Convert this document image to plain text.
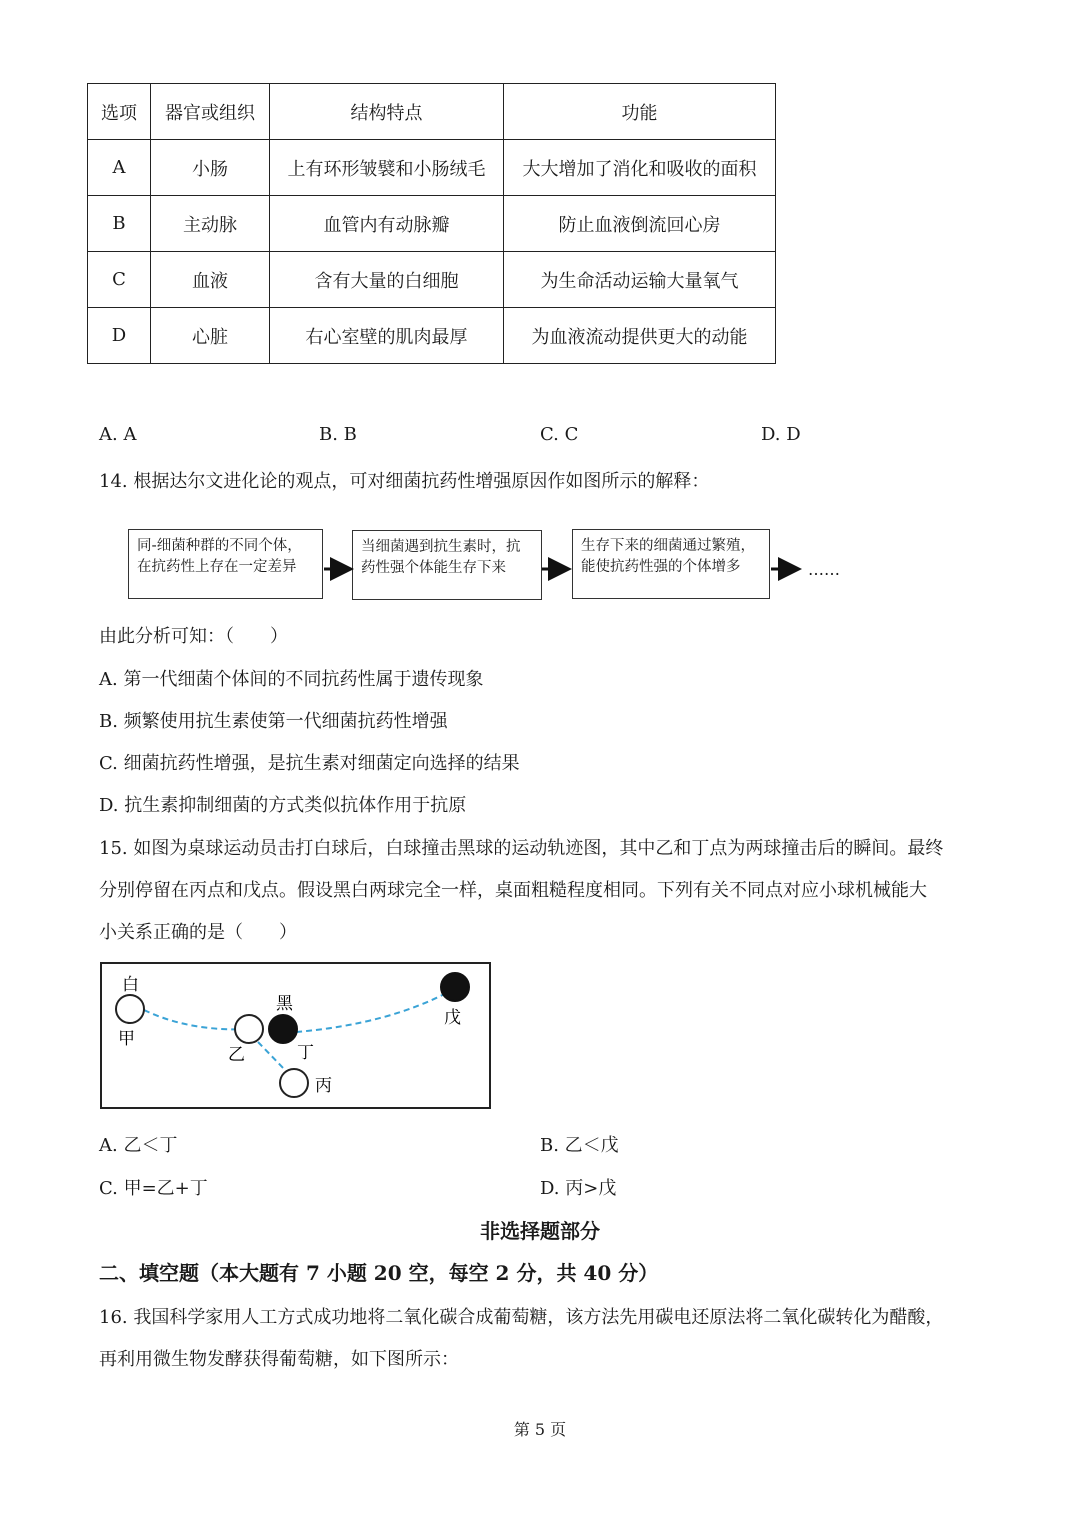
选项	器官或组织	结构特点	功能
A	小肠	上有环形皱襞和小肠绒毛	大大增加了消化和吸收的面积
B	主动脉	血管内有动脉瓣	防止血液倒流回心房
C	血液	含有大量的白细胞	为生命活动运输大量氧气
D	心脏	右心室壁的肌肉最厚	为血液流动提供更大的动能
A. A	B. B	C. C	D. D
14. 根据达尔文进化论的观点，可对细菌抗药性增强原因作如图所示的解释：
同-细菌种群的不同个体，在抗药性上存在一定差异
当细菌遇到抗生素时，抗药性强个体能生存下来
生存下来的细菌通过繁殖，能使抗药性强的个体增多	……
由此分析可知：（　　）
A. 第一代细菌个体间的不同抗药性属于遗传现象
B. 频繁使用抗生素使第一代细菌抗药性增强
C. 细菌抗药性增强，是抗生素对细菌定向选择的结果
D. 抗生素抑制细菌的方式类似抗体作用于抗原
15. 如图为桌球运动员击打白球后，白球撞击黑球的运动轨迹图，其中乙和丁点为两球撞击后的瞬间。最终
分别停留在丙点和戊点。假设黑白两球完全一样，桌面粗糙程度相同。下列有关不同点对应小球机械能大
小关系正确的是（　　）
白
甲
黑
乙	丁
丙
戊
A. 乙＜丁	B. 乙＜戊
C. 甲=乙+丁	D. 丙>戊
非选择题部分
二、填空题（本大题有 7 小题 20 空，每空 2 分，共 40 分）
16. 我国科学家用人工方式成功地将二氧化碳合成葡萄糖，该方法先用碳电还原法将二氧化碳转化为醋酸，
再利用微生物发酵获得葡萄糖，如下图所示：
第 5 页
